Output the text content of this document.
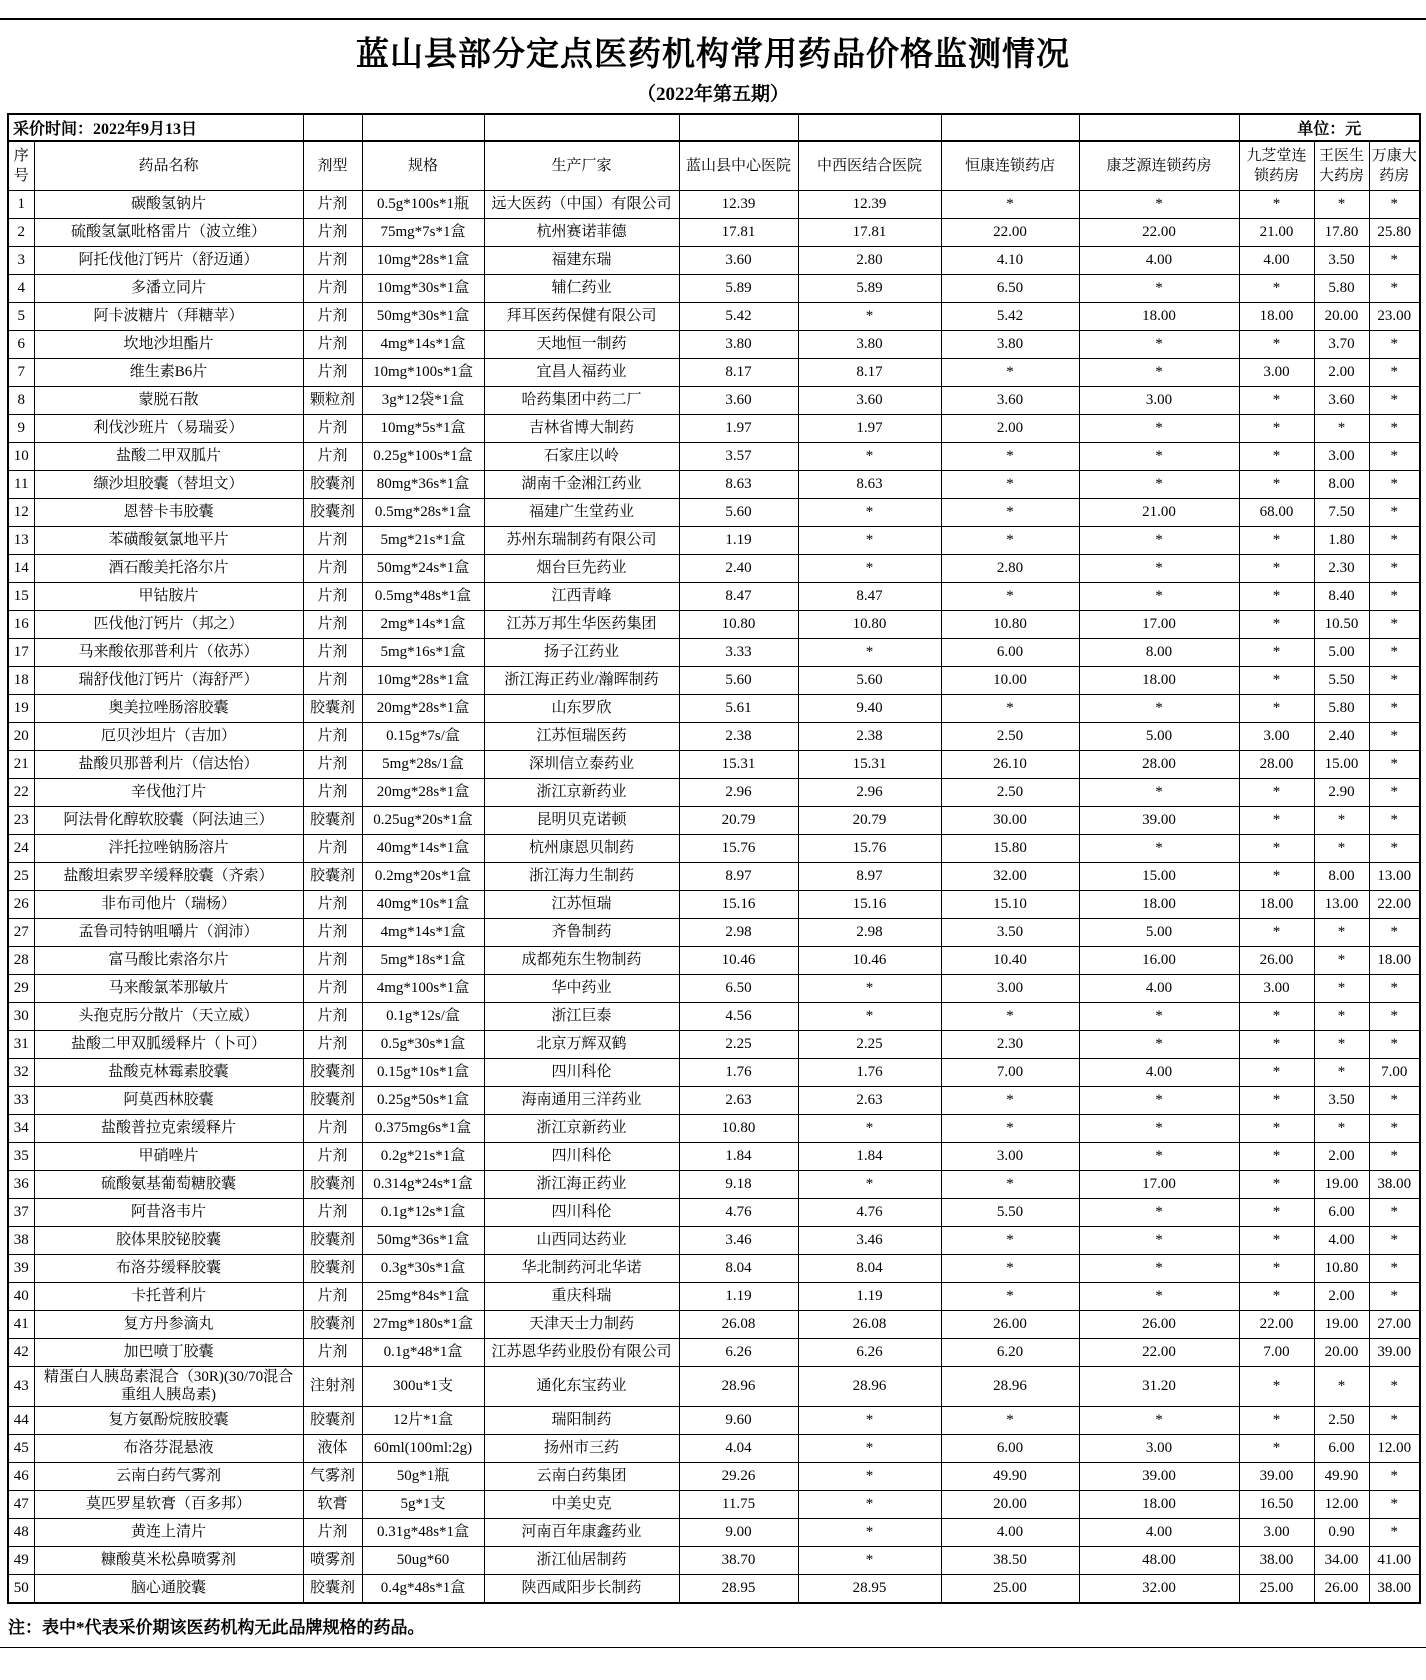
蓝山县部分定点医药机构常用药品价格监测情况
（2022年第五期）
采价时间：2022年9月13日									单位：元		
序号	药品名称	剂型	规格	生产厂家	蓝山县中心医院	中西医结合医院	恒康连锁药店	康芝源连锁药房	九芝堂连锁药房	王医生大药房	万康大药房
1	碳酸氢钠片	片剂	0.5g*100s*1瓶	远大医药（中国）有限公司	12.39	12.39	*	*	*	*	*
2	硫酸氢氯吡格雷片（波立维）	片剂	75mg*7s*1盒	杭州赛诺菲德	17.81	17.81	22.00	22.00	21.00	17.80	25.80
3	阿托伐他汀钙片（舒迈通）	片剂	10mg*28s*1盒	福建东瑞	3.60	2.80	4.10	4.00	4.00	3.50	*
4	多潘立同片	片剂	10mg*30s*1盒	辅仁药业	5.89	5.89	6.50	*	*	5.80	*
5	阿卡波糖片（拜糖苹）	片剂	50mg*30s*1盒	拜耳医药保健有限公司	5.42	*	5.42	18.00	18.00	20.00	23.00
6	坎地沙坦酯片	片剂	4mg*14s*1盒	天地恒一制药	3.80	3.80	3.80	*	*	3.70	*
7	维生素B6片	片剂	10mg*100s*1盒	宜昌人福药业	8.17	8.17	*	*	3.00	2.00	*
8	蒙脱石散	颗粒剂	3g*12袋*1盒	哈药集团中药二厂	3.60	3.60	3.60	3.00	*	3.60	*
9	利伐沙班片（易瑞妥）	片剂	10mg*5s*1盒	吉林省博大制药	1.97	1.97	2.00	*	*	*	*
10	盐酸二甲双胍片	片剂	0.25g*100s*1盒	石家庄以岭	3.57	*	*	*	*	3.00	*
11	缬沙坦胶囊（替坦文）	胶囊剂	80mg*36s*1盒	湖南千金湘江药业	8.63	8.63	*	*	*	8.00	*
12	恩替卡韦胶囊	胶囊剂	0.5mg*28s*1盒	福建广生堂药业	5.60	*	*	21.00	68.00	7.50	*
13	苯磺酸氨氯地平片	片剂	5mg*21s*1盒	苏州东瑞制药有限公司	1.19	*	*	*	*	1.80	*
14	酒石酸美托洛尔片	片剂	50mg*24s*1盒	烟台巨先药业	2.40	*	2.80	*	*	2.30	*
15	甲钴胺片	片剂	0.5mg*48s*1盒	江西青峰	8.47	8.47	*	*	*	8.40	*
16	匹伐他汀钙片（邦之）	片剂	2mg*14s*1盒	江苏万邦生华医药集团	10.80	10.80	10.80	17.00	*	10.50	*
17	马来酸依那普利片（依苏）	片剂	5mg*16s*1盒	扬子江药业	3.33	*	6.00	8.00	*	5.00	*
18	瑞舒伐他汀钙片（海舒严）	片剂	10mg*28s*1盒	浙江海正药业/瀚晖制药	5.60	5.60	10.00	18.00	*	5.50	*
19	奥美拉唑肠溶胶囊	胶囊剂	20mg*28s*1盒	山东罗欣	5.61	9.40	*	*	*	5.80	*
20	厄贝沙坦片（吉加）	片剂	0.15g*7s/盒	江苏恒瑞医药	2.38	2.38	2.50	5.00	3.00	2.40	*
21	盐酸贝那普利片（信达怡）	片剂	5mg*28s/1盒	深圳信立泰药业	15.31	15.31	26.10	28.00	28.00	15.00	*
22	辛伐他汀片	片剂	20mg*28s*1盒	浙江京新药业	2.96	2.96	2.50	*	*	2.90	*
23	阿法骨化醇软胶囊（阿法迪三）	胶囊剂	0.25ug*20s*1盒	昆明贝克诺顿	20.79	20.79	30.00	39.00	*	*	*
24	泮托拉唑钠肠溶片	片剂	40mg*14s*1盒	杭州康恩贝制药	15.76	15.76	15.80	*	*	*	*
25	盐酸坦索罗辛缓释胶囊（齐索）	胶囊剂	0.2mg*20s*1盒	浙江海力生制药	8.97	8.97	32.00	15.00	*	8.00	13.00
26	非布司他片（瑞杨）	片剂	40mg*10s*1盒	江苏恒瑞	15.16	15.16	15.10	18.00	18.00	13.00	22.00
27	孟鲁司特钠咀嚼片（润沛）	片剂	4mg*14s*1盒	齐鲁制药	2.98	2.98	3.50	5.00	*	*	*
28	富马酸比索洛尔片	片剂	5mg*18s*1盒	成都苑东生物制药	10.46	10.46	10.40	16.00	26.00	*	18.00
29	马来酸氯苯那敏片	片剂	4mg*100s*1盒	华中药业	6.50	*	3.00	4.00	3.00	*	*
30	头孢克肟分散片（天立威）	片剂	0.1g*12s/盒	浙江巨泰	4.56	*	*	*	*	*	*
31	盐酸二甲双胍缓释片（卜可）	片剂	0.5g*30s*1盒	北京万辉双鹤	2.25	2.25	2.30	*	*	*	*
32	盐酸克林霉素胶囊	胶囊剂	0.15g*10s*1盒	四川科伦	1.76	1.76	7.00	4.00	*	*	7.00
33	阿莫西林胶囊	胶囊剂	0.25g*50s*1盒	海南通用三洋药业	2.63	2.63	*	*	*	3.50	*
34	盐酸普拉克索缓释片	片剂	0.375mg6s*1盒	浙江京新药业	10.80	*	*	*	*	*	*
35	甲硝唑片	片剂	0.2g*21s*1盒	四川科伦	1.84	1.84	3.00	*	*	2.00	*
36	硫酸氨基葡萄糖胶囊	胶囊剂	0.314g*24s*1盒	浙江海正药业	9.18	*	*	17.00	*	19.00	38.00
37	阿昔洛韦片	片剂	0.1g*12s*1盒	四川科伦	4.76	4.76	5.50	*	*	6.00	*
38	胶体果胶铋胶囊	胶囊剂	50mg*36s*1盒	山西同达药业	3.46	3.46	*	*	*	4.00	*
39	布洛芬缓释胶囊	胶囊剂	0.3g*30s*1盒	华北制药河北华诺	8.04	8.04	*	*	*	10.80	*
40	卡托普利片	片剂	25mg*84s*1盒	重庆科瑞	1.19	1.19	*	*	*	2.00	*
41	复方丹参滴丸	胶囊剂	27mg*180s*1盒	天津天士力制药	26.08	26.08	26.00	26.00	22.00	19.00	27.00
42	加巴喷丁胶囊	片剂	0.1g*48*1盒	江苏恩华药业股份有限公司	6.26	6.26	6.20	22.00	7.00	20.00	39.00
43	精蛋白人胰岛素混合（30R)(30/70混合重组人胰岛素)	注射剂	300u*1支	通化东宝药业	28.96	28.96	28.96	31.20	*	*	*
44	复方氨酚烷胺胶囊	胶囊剂	12片*1盒	瑞阳制药	9.60	*	*	*	*	2.50	*
45	布洛芬混悬液	液体	60ml(100ml:2g)	扬州市三药	4.04	*	6.00	3.00	*	6.00	12.00
46	云南白药气雾剂	气雾剂	50g*1瓶	云南白药集团	29.26	*	49.90	39.00	39.00	49.90	*
47	莫匹罗星软膏（百多邦）	软膏	5g*1支	中美史克	11.75	*	20.00	18.00	16.50	12.00	*
48	黄连上清片	片剂	0.31g*48s*1盒	河南百年康鑫药业	9.00	*	4.00	4.00	3.00	0.90	*
49	糠酸莫米松鼻喷雾剂	喷雾剂	50ug*60	浙江仙居制药	38.70	*	38.50	48.00	38.00	34.00	41.00
50	脑心通胶囊	胶囊剂	0.4g*48s*1盒	陕西咸阳步长制药	28.95	28.95	25.00	32.00	25.00	26.00	38.00
注：表中*代表采价期该医药机构无此品牌规格的药品。
